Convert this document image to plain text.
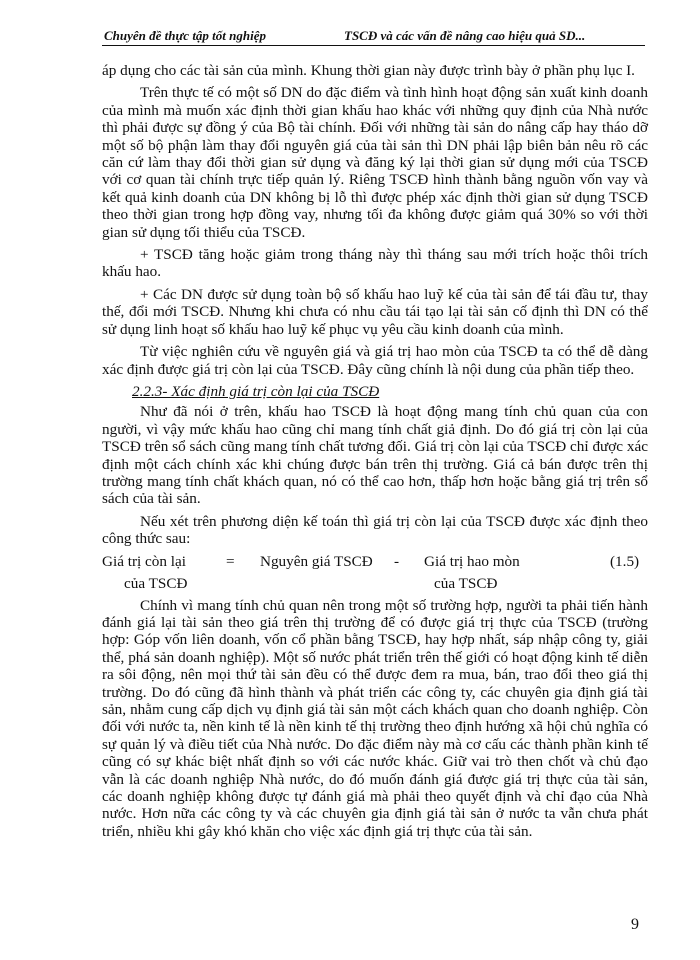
Chuyên đề thực tập tốt nghiệp	TSCĐ và các vấn đề nâng cao hiệu quả SD...

áp dụng cho các tài sản của mình. Khung thời gian này được trình bày ở phần phụ lục I.

Trên thực tế có một số DN do đặc điểm và tình hình hoạt động sản xuất kinh doanh của mình mà muốn xác định thời gian khấu hao khác với những quy định của Nhà nước thì phải được sự đồng ý của Bộ tài chính. Đối với những tài sản do nâng cấp hay tháo dỡ một số bộ phận làm thay đổi nguyên giá của tài sản thì DN phải lập biên bản nêu rõ các căn cứ làm thay đổi thời gian sử dụng và đăng ký lại thời gian sử dụng mới của TSCĐ với cơ quan tài chính trực tiếp quản lý. Riêng TSCĐ hình thành bằng nguồn vốn vay và kết quả kinh doanh của DN không bị lỗ thì được phép xác định thời gian sử dụng TSCĐ theo thời gian trong hợp đồng vay, nhưng tối đa không được giảm quá 30% so với thời gian sử dụng tối thiểu của TSCĐ.

+ TSCĐ tăng hoặc giảm trong tháng này thì tháng sau mới trích hoặc thôi trích khấu hao.

+ Các DN được sử dụng toàn bộ số khấu hao luỹ kế của tài sản để tái đầu tư, thay thế, đổi mới TSCĐ. Nhưng khi chưa có nhu cầu tái tạo lại tài sản cố định thì DN có thể sử dụng linh hoạt số khấu hao luỹ kế phục vụ yêu cầu kinh doanh của mình.

Từ việc nghiên cứu về nguyên giá và giá trị hao mòn của TSCĐ ta có thể dễ dàng xác định được giá trị còn lại của TSCĐ. Đây cũng chính là nội dung của phần tiếp theo.

2.2.3- Xác định giá trị còn lại của TSCĐ

Như đã nói ở trên, khấu hao TSCĐ là hoạt động mang tính chủ quan của con người, vì vậy mức khấu hao cũng chỉ mang tính chất giả định. Do đó giá trị còn lại của TSCĐ trên sổ sách cũng mang tính chất tương đối. Giá trị còn lại của TSCĐ chỉ được xác định một cách chính xác khi chúng được bán trên thị trường. Giá cả bán được trên thị trường mang tính chất khách quan, nó có thể cao hơn, thấp hơn hoặc bằng giá trị trên sổ sách của tài sản.

Nếu xét trên phương diện kế toán thì giá trị còn lại của TSCĐ được xác định theo công thức sau:

Giá trị còn lại	= Nguyên giá TSCĐ - Giá trị hao mòn	(1.5)
của TSCĐ	của TSCĐ

Chính vì mang tính chủ quan nên trong một số trường hợp, người ta phải tiến hành đánh giá lại tài sản theo giá trên thị trường để có được giá trị thực của TSCĐ (trường hợp: Góp vốn liên doanh, vốn cổ phần bằng TSCĐ, hay hợp nhất, sáp nhập công ty, giải thể, phá sản doanh nghiệp). Một số nước phát triển trên thế giới có hoạt động kinh tế diễn ra sôi động, nên mọi thứ tài sản đều có thể được đem ra mua, bán, trao đổi theo giá thị trường. Do đó cũng đã hình thành và phát triển các công ty, các chuyên gia định giá tài sản, nhằm cung cấp dịch vụ định giá tài sản một cách khách quan cho doanh nghiệp. Còn đối với nước ta, nền kinh tế là nền kinh tế thị trường theo định hướng xã hội chủ nghĩa có sự quản lý và điều tiết của Nhà nước. Do đặc điểm này mà cơ cấu các thành phần kinh tế cũng có sự khác biệt nhất định so với các nước khác. Giữ vai trò then chốt và chủ đạo vẫn là các doanh nghiệp Nhà nước, do đó muốn đánh giá được giá trị thực của tài sản, các doanh nghiệp không được tự đánh giá mà phải theo quyết định và chỉ đạo của Nhà nước. Hơn nữa các công ty và các chuyên gia định giá tài sản ở nước ta vẫn chưa phát triển, nhiều khi gây khó khăn cho việc xác định giá trị thực của tài sản.

9
